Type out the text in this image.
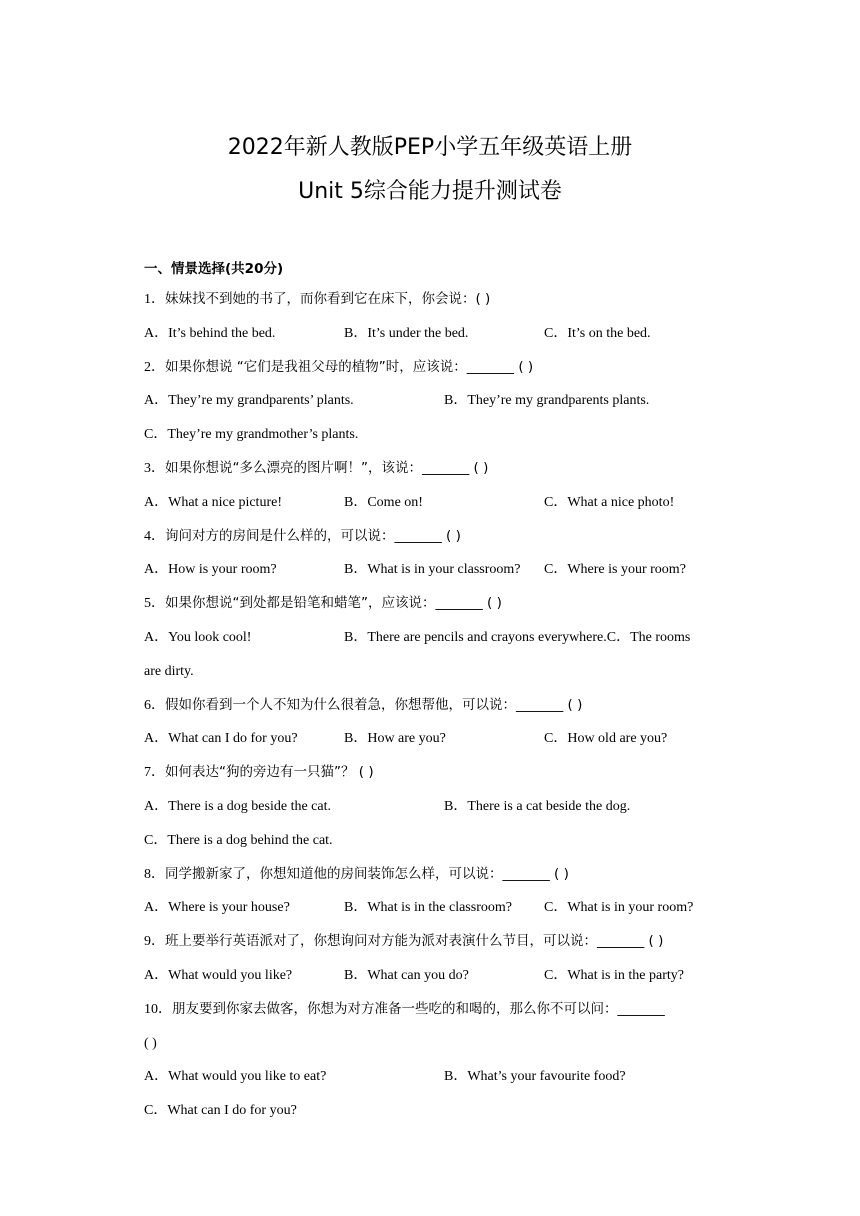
2022年新人教版PEP小学五年级英语上册
Unit 5综合能力提升测试卷
一、情景选择(共20分)
1．妹妹找不到她的书了，而你看到它在床下，你会说：( )
A．It’s behind the bed.	B．It’s under the bed.	C．It’s on the bed.
2．如果你想说 “它们是我祖父母的植物”时，应该说：_______ ( )
A．They’re my grandparents’ plants.	B．They’re my grandparents plants.
C．They’re my grandmother’s plants.
3．如果你想说“多么漂亮的图片啊！”，该说：_______ ( )
A．What a nice picture!	B．Come on!	C．What a nice photo!
4．询问对方的房间是什么样的，可以说：_______ ( )
A．How is your room?	B．What is in your classroom? C．Where is your room?
5．如果你想说“到处都是铅笔和蜡笔”，应该说：_______ ( )
A．You look cool!	B．There are pencils and crayons everywhere.C．The rooms
are dirty.
6．假如你看到一个人不知为什么很着急，你想帮他，可以说：_______ ( )
A．What can I do for you?	B．How are you?	C．How old are you?
7．如何表达“狗的旁边有一只猫”？ ( )
A．There is a dog beside the cat.	B．There is a cat beside the dog.
C．There is a dog behind the cat.
8．同学搬新家了，你想知道他的房间装饰怎么样，可以说：_______ ( )
A．Where is your house?	B．What is in the classroom? C．What is in your room?
9．班上要举行英语派对了，你想询问对方能为派对表演什么节目，可以说：_______ ( )
A．What would you like?	B．What can you do?	C．What is in the party?
10．朋友要到你家去做客，你想为对方准备一些吃的和喝的，那么你不可以问：_______
( )
A．What would you like to eat?	B．What’s your favourite food?
C．What can I do for you?
